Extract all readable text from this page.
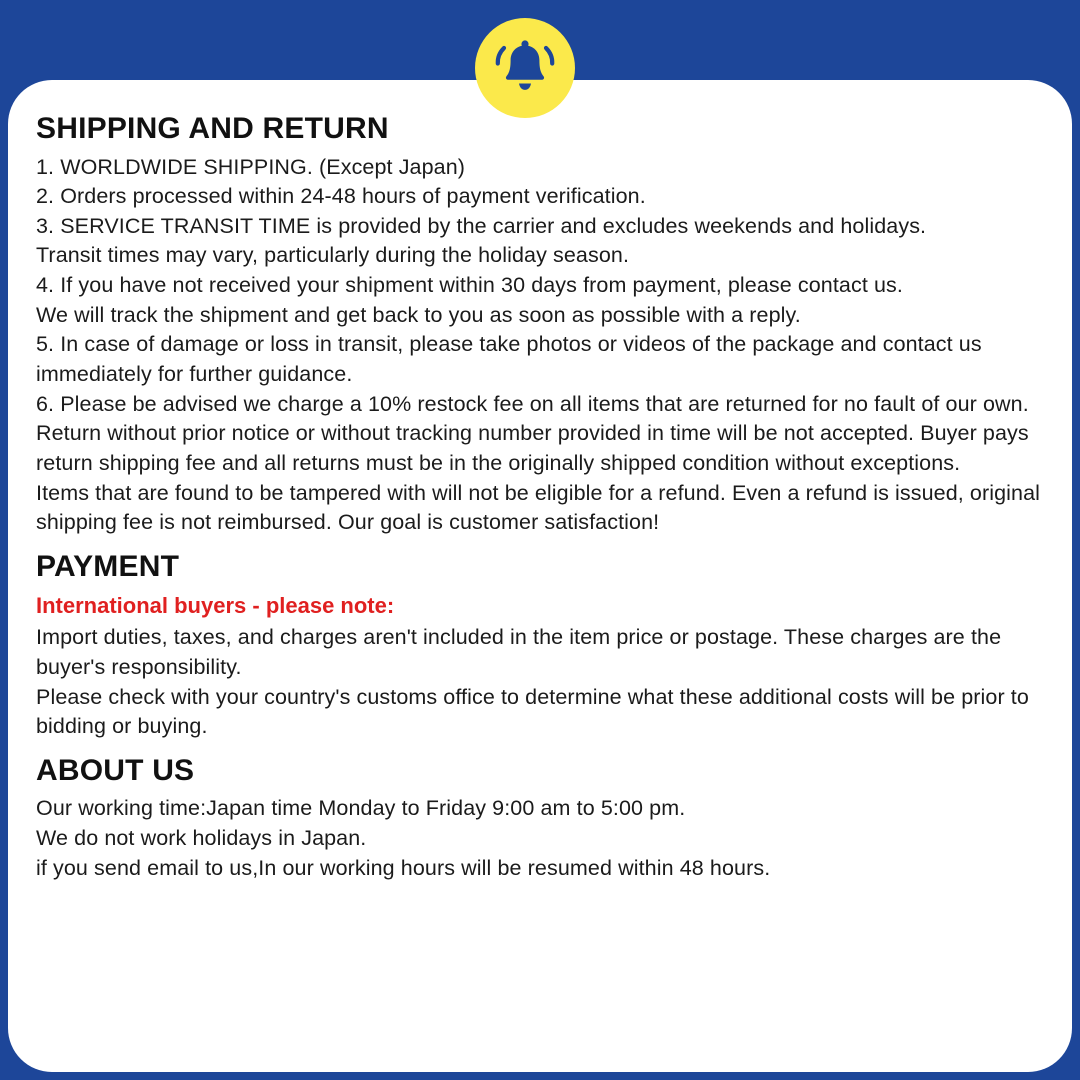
SHIPPING AND RETURN
1. WORLDWIDE SHIPPING. (Except Japan)
2. Orders processed within 24-48 hours of payment verification.
3. SERVICE TRANSIT TIME is provided by the carrier and excludes weekends and holidays.
Transit times may vary, particularly during the holiday season.
4. If you have not received your shipment within 30 days from payment, please contact us.
We will track the shipment and get back to you as soon as possible with a reply.
5. In case of damage or loss in transit, please take photos or videos of the package and contact us immediately for further guidance.
6. Please be advised we charge a 10% restock fee on all items that are returned for no fault of our own. Return without prior notice or without tracking number provided in time will be not accepted. Buyer pays return shipping fee and all returns must be in the originally shipped condition without exceptions.
Items that are found to be tampered with will not be eligible for a refund. Even a refund is issued, original shipping fee is not reimbursed. Our goal is customer satisfaction!
PAYMENT
International buyers - please note:
Import duties, taxes, and charges aren't included in the item price or postage. These charges are the buyer's responsibility.
Please check with your country's customs office to determine what these additional costs will be prior to bidding or buying.
ABOUT US
Our working time:Japan time Monday to Friday 9:00 am to 5:00 pm.
We do not work holidays in Japan.
if you send email to us,In our working hours will be resumed within 48 hours.
